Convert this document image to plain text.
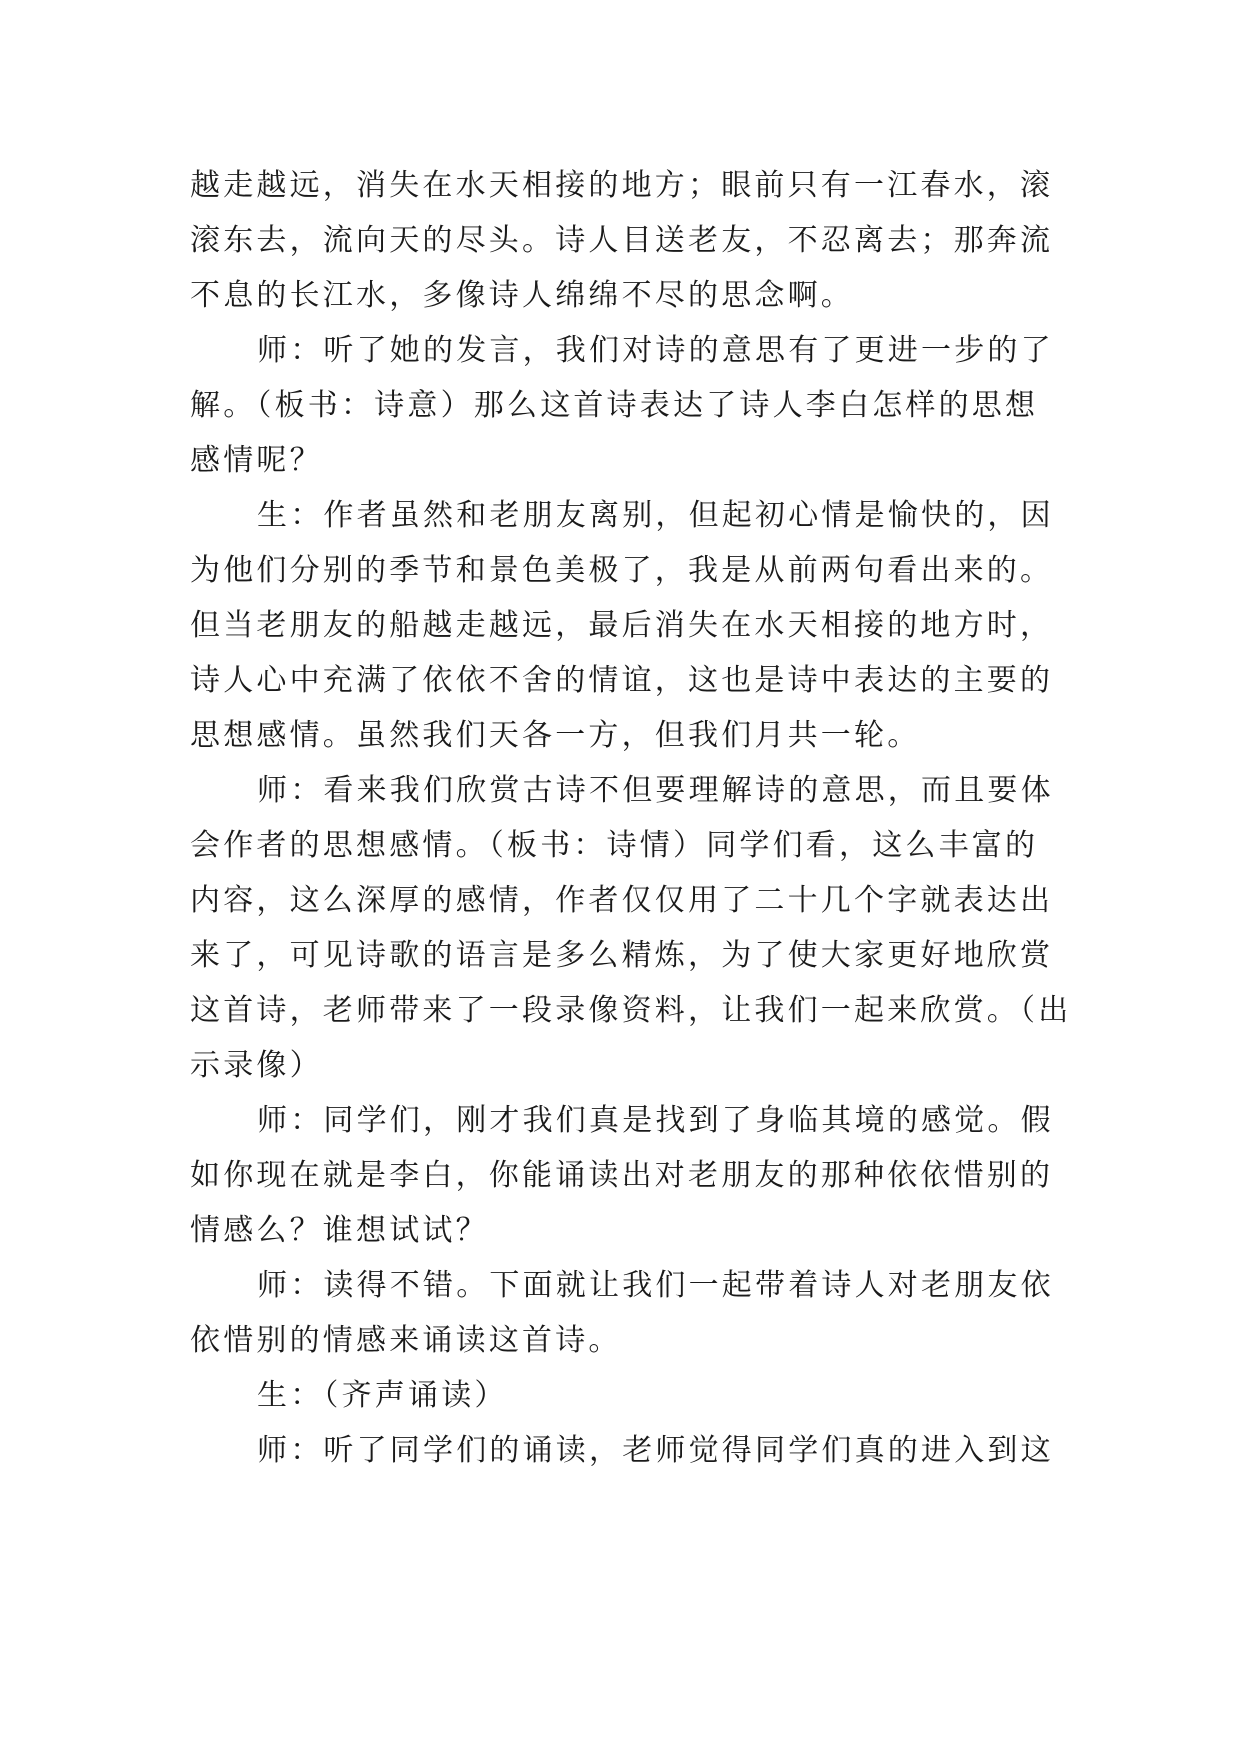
越走越远，消失在水天相接的地方；眼前只有一江春水，滚
滚东去，流向天的尽头。诗人目送老友，不忍离去；那奔流
不息的长江水，多像诗人绵绵不尽的思念啊。
师：听了她的发言，我们对诗的意思有了更进一步的了
解。（板书：诗意）那么这首诗表达了诗人李白怎样的思想
感情呢？
生：作者虽然和老朋友离别，但起初心情是愉快的，因
为他们分别的季节和景色美极了，我是从前两句看出来的。
但当老朋友的船越走越远，最后消失在水天相接的地方时，
诗人心中充满了依依不舍的情谊，这也是诗中表达的主要的
思想感情。虽然我们天各一方，但我们月共一轮。
师：看来我们欣赏古诗不但要理解诗的意思，而且要体
会作者的思想感情。（板书：诗情）同学们看，这么丰富的
内容，这么深厚的感情，作者仅仅用了二十几个字就表达出
来了，可见诗歌的语言是多么精炼，为了使大家更好地欣赏
这首诗，老师带来了一段录像资料，让我们一起来欣赏。（出
示录像）
师：同学们，刚才我们真是找到了身临其境的感觉。假
如你现在就是李白，你能诵读出对老朋友的那种依依惜别的
情感么？谁想试试？
师：读得不错。下面就让我们一起带着诗人对老朋友依
依惜别的情感来诵读这首诗。
生：（齐声诵读）
师：听了同学们的诵读，老师觉得同学们真的进入到这
